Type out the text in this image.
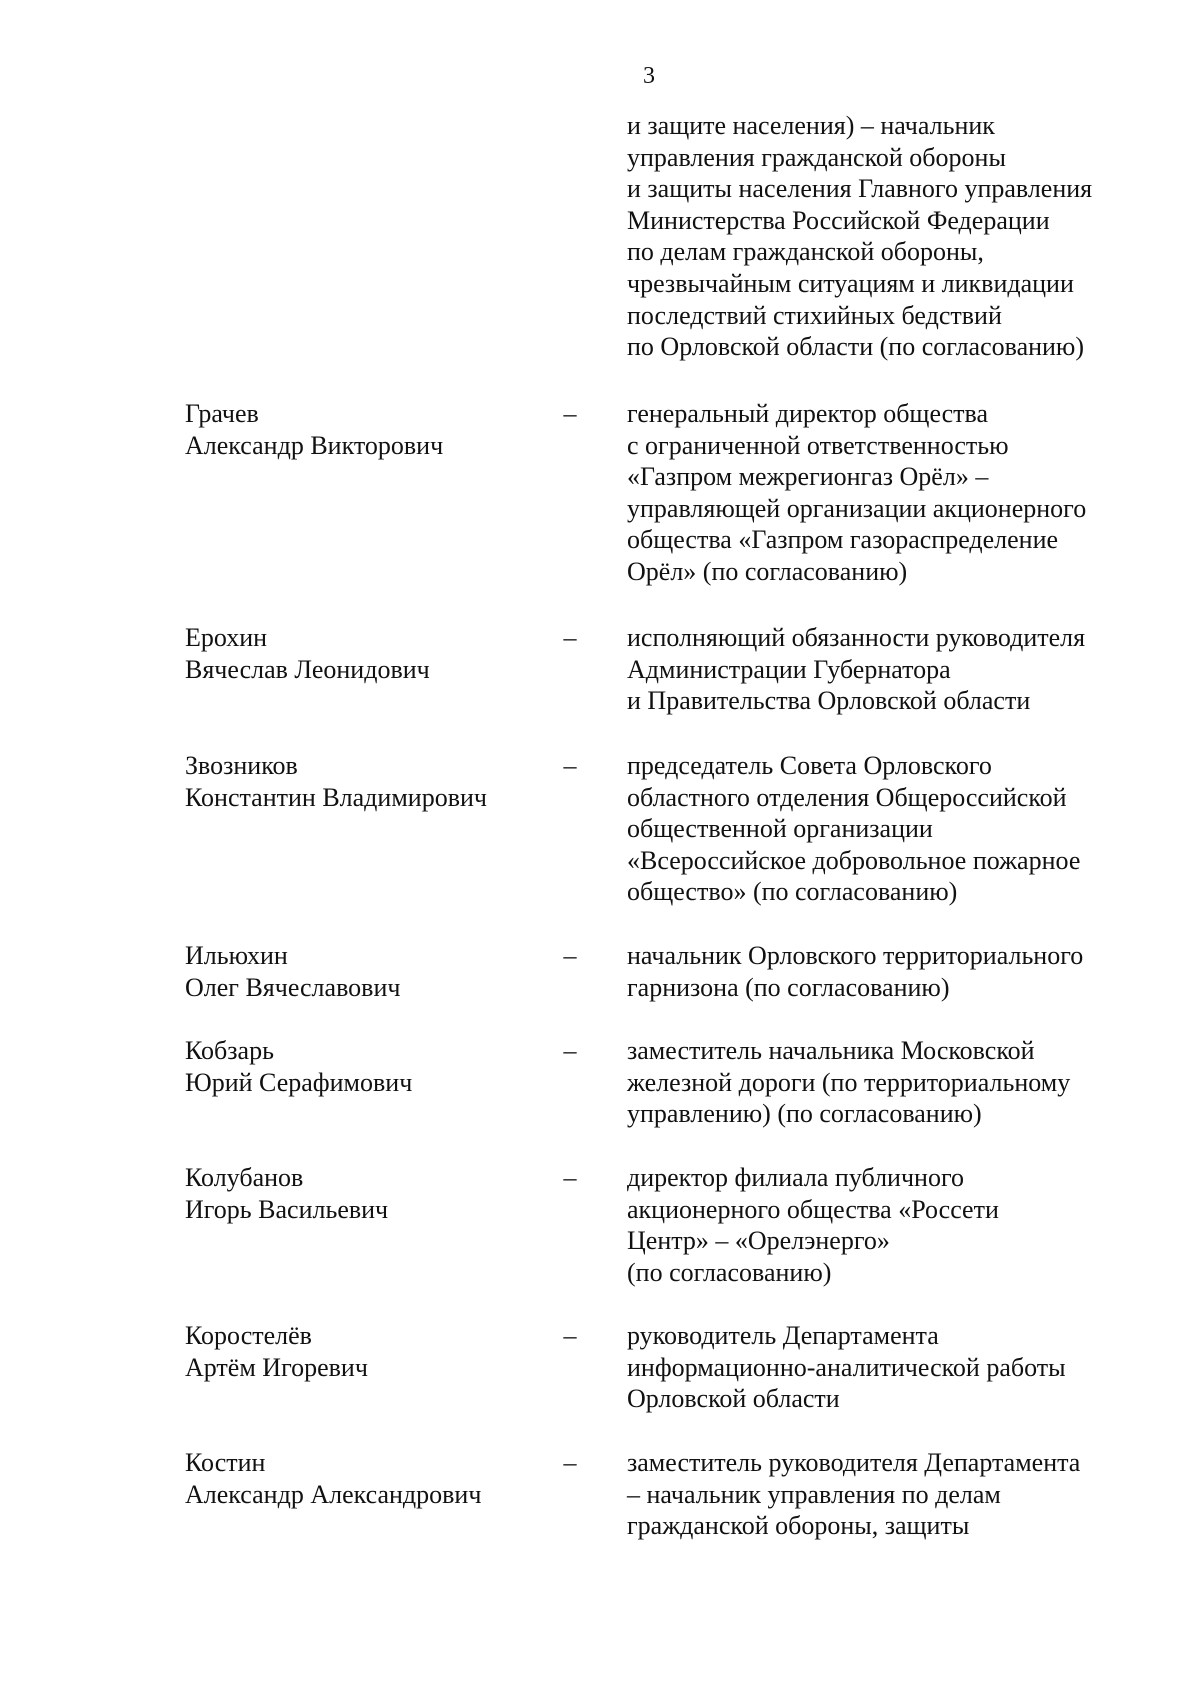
3
и защите населения) – начальник
управления гражданской обороны
и защиты населения Главного управления
Министерства Российской Федерации
по делам гражданской обороны,
чрезвычайным ситуациям и ликвидации
последствий стихийных бедствий
по Орловской области (по согласованию)
Грачев
Александр Викторович
– генеральный директор общества
с ограниченной ответственностью
«Газпром межрегионгаз Орёл» –
управляющей организации акционерного
общества «Газпром газораспределение
Орёл» (по согласованию)
Ерохин
Вячеслав Леонидович
– исполняющий обязанности руководителя
Администрации Губернатора
и Правительства Орловской области
Звозников
Константин Владимирович
– председатель Совета Орловского
областного отделения Общероссийской
общественной организации
«Всероссийское добровольное пожарное
общество» (по согласованию)
Ильюхин
Олег Вячеславович
– начальник Орловского территориального
гарнизона (по согласованию)
Кобзарь
Юрий Серафимович
– заместитель начальника Московской
железной дороги (по территориальному
управлению) (по согласованию)
Колубанов
Игорь Васильевич
– директор филиала публичного
акционерного общества «Россети
Центр» – «Орелэнерго»
(по согласованию)
Коростелёв
Артём Игоревич
– руководитель Департамента
информационно-аналитической работы
Орловской области
Костин
Александр Александрович
– заместитель руководителя Департамента
– начальник управления по делам
гражданской обороны, защиты
